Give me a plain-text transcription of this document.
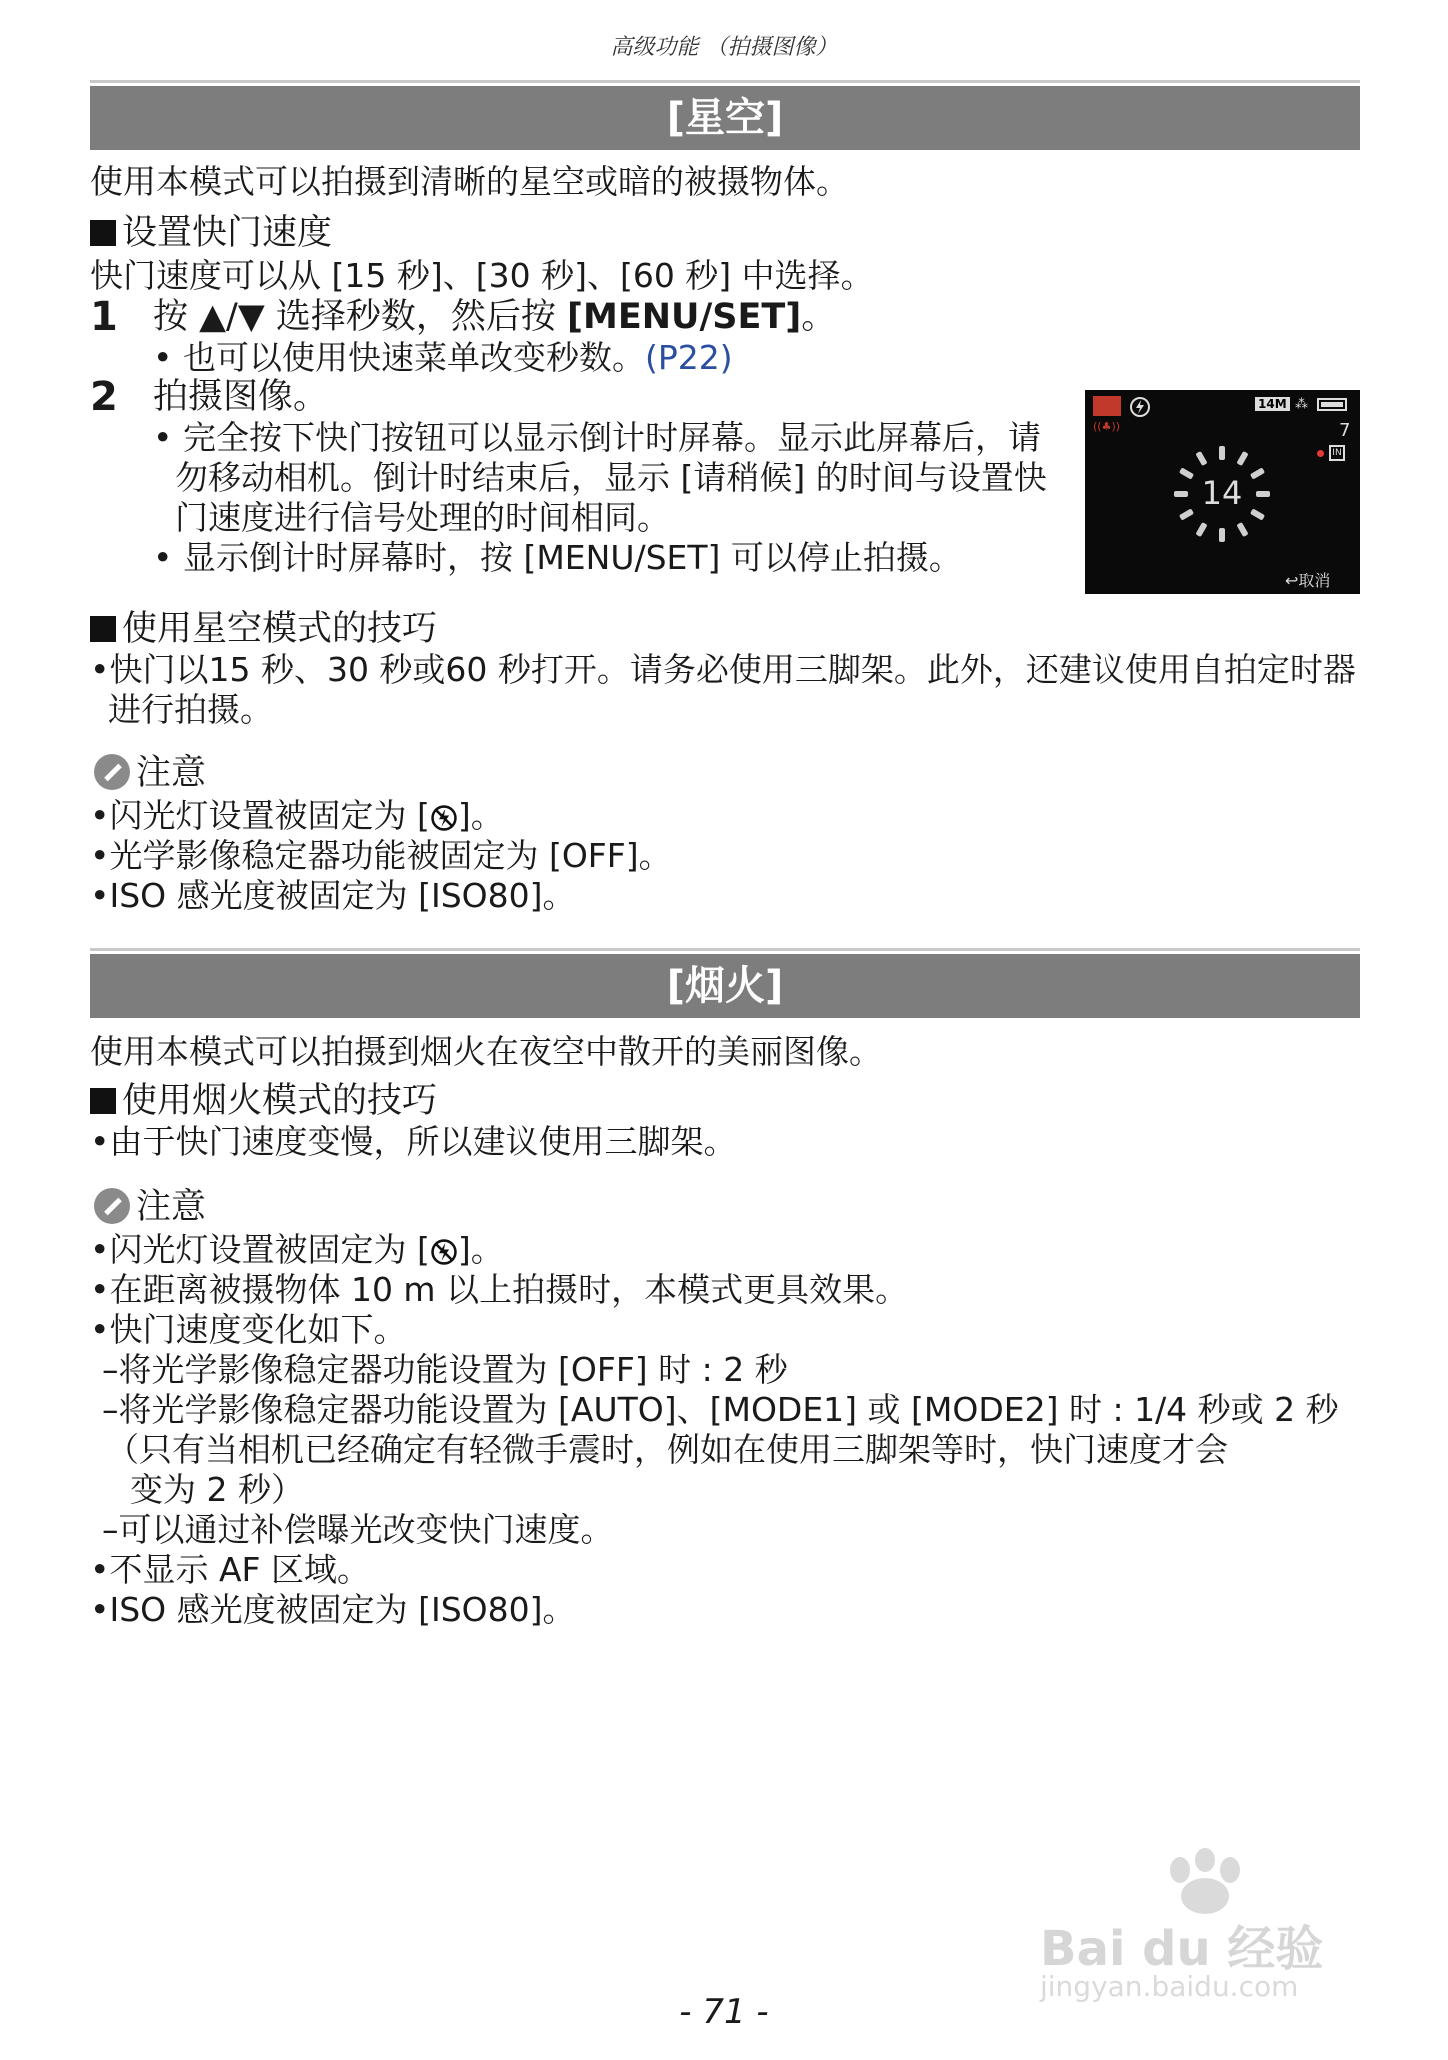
高级功能 （拍摄图像）
[星空]
使用本模式可以拍摄到清晰的星空或暗的被摄物体。
设置快门速度
快门速度可以从 [15 秒]、[30 秒]、[60 秒] 中选择。
1 按 ▲/▼ 选择秒数，然后按 [MENU/SET]。
• 也可以使用快速菜单改变秒数。(P22)
2 拍摄图像。
• 完全按下快门按钮可以显示倒计时屏幕。显示此屏幕后，请勿移动相机。倒计时结束后，显示 [请稍候] 的时间与设置快门速度进行信号处理的时间相同。
• 显示倒计时屏幕时，按 [MENU/SET] 可以停止拍摄。
((♣))
14M ⁂
7
IN
14
↩取消
使用星空模式的技巧
•快门以15 秒、30 秒或60 秒打开。请务必使用三脚架。此外，还建议使用自拍定时器进行拍摄。
注意
•闪光灯设置被固定为 [ ]。
•光学影像稳定器功能被固定为 [OFF]。
•ISO 感光度被固定为 [ISO80]。
[烟火]
使用本模式可以拍摄到烟火在夜空中散开的美丽图像。
使用烟火模式的技巧
•由于快门速度变慢，所以建议使用三脚架。
注意
•闪光灯设置被固定为 [ ]。
•在距离被摄物体 10 m 以上拍摄时，本模式更具效果。
•快门速度变化如下。
–将光学影像稳定器功能设置为 [OFF] 时 : 2 秒
–将光学影像稳定器功能设置为 [AUTO]、[MODE1] 或 [MODE2] 时 : 1/4 秒或 2 秒
（只有当相机已经确定有轻微手震时，例如在使用三脚架等时，快门速度才会
变为 2 秒）
–可以通过补偿曝光改变快门速度。
•不显示 AF 区域。
•ISO 感光度被固定为 [ISO80]。
Bai du 经验
jingyan.baidu.com
- 71 -
